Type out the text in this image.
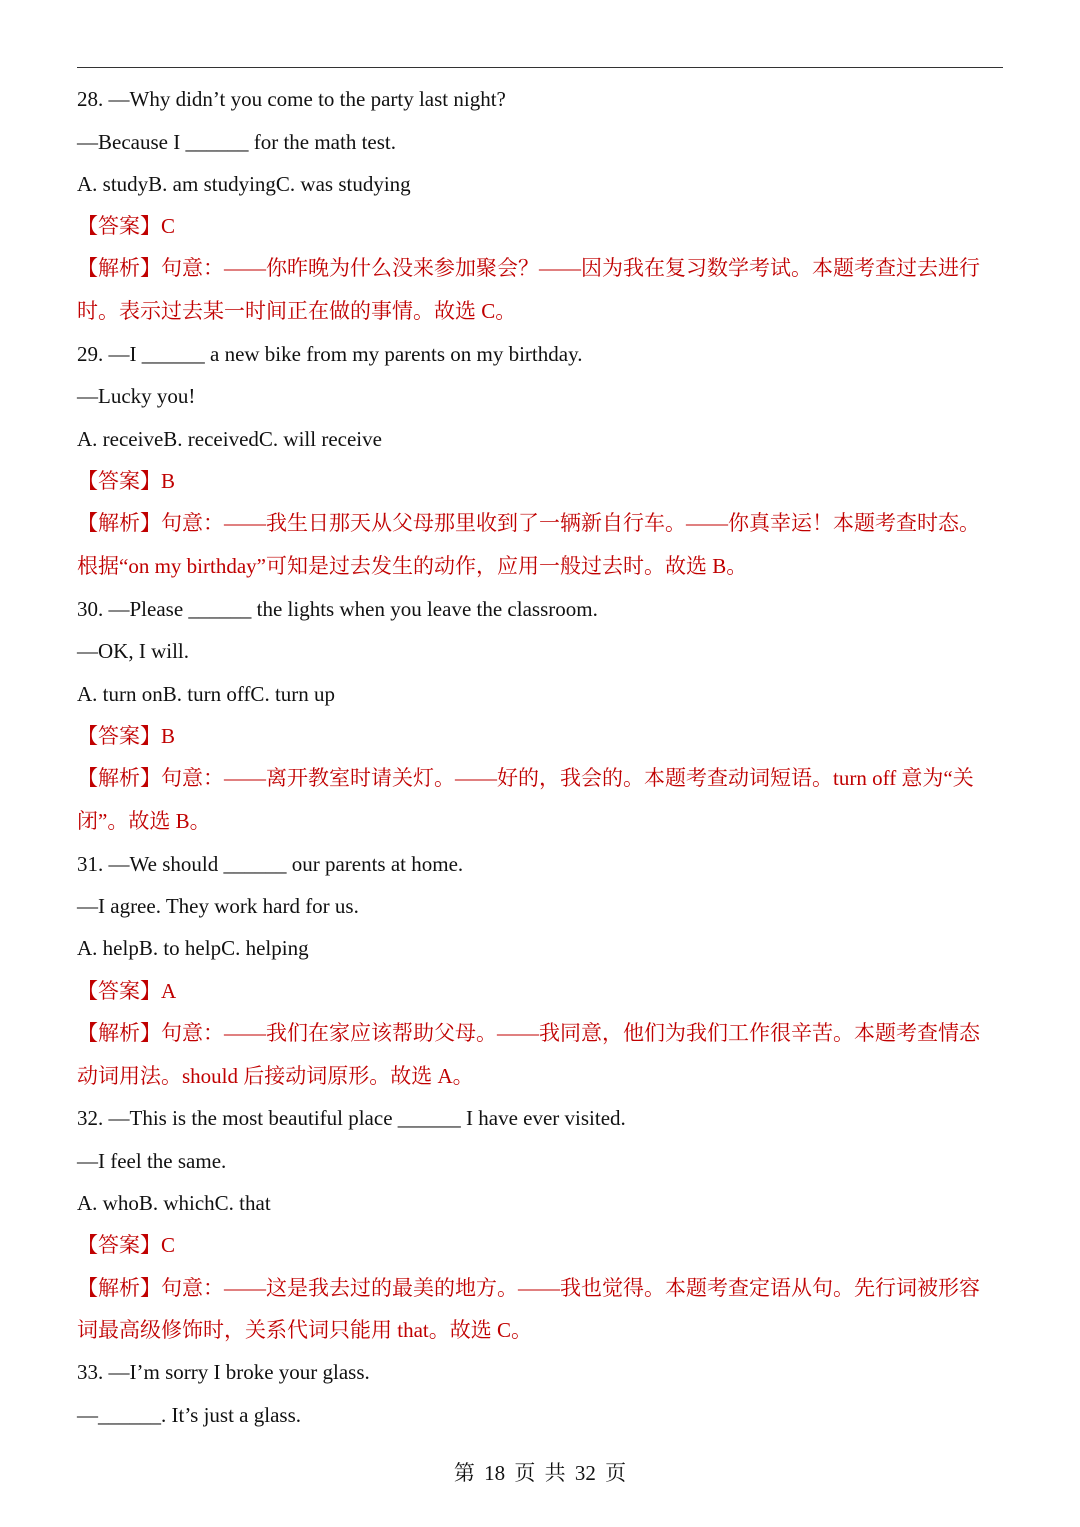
28. —Why didn’t you come to the party last night?
—Because I ______ for the math test.
A. studyB. am studyingC. was studying
【答案】C
【解析】句意：——你昨晚为什么没来参加聚会？——因为我在复习数学考试。本题考查过去进行
时。表示过去某一时间正在做的事情。故选 C。
29. —I ______ a new bike from my parents on my birthday.
—Lucky you!
A. receiveB. receivedC. will receive
【答案】B
【解析】句意：——我生日那天从父母那里收到了一辆新自行车。——你真幸运！本题考查时态。
根据“on my birthday”可知是过去发生的动作，应用一般过去时。故选 B。
30. —Please ______ the lights when you leave the classroom.
—OK, I will.
A. turn onB. turn offC. turn up
【答案】B
【解析】句意：——离开教室时请关灯。——好的，我会的。本题考查动词短语。turn off 意为“关
闭”。故选 B。
31. —We should ______ our parents at home.
—I agree. They work hard for us.
A. helpB. to helpC. helping
【答案】A
【解析】句意：——我们在家应该帮助父母。——我同意，他们为我们工作很辛苦。本题考查情态
动词用法。should 后接动词原形。故选 A。
32. —This is the most beautiful place ______ I have ever visited.
—I feel the same.
A. whoB. whichC. that
【答案】C
【解析】句意：——这是我去过的最美的地方。——我也觉得。本题考查定语从句。先行词被形容
词最高级修饰时，关系代词只能用 that。故选 C。
33. —I’m sorry I broke your glass.
—______. It’s just a glass.
第 18 页 共 32 页
